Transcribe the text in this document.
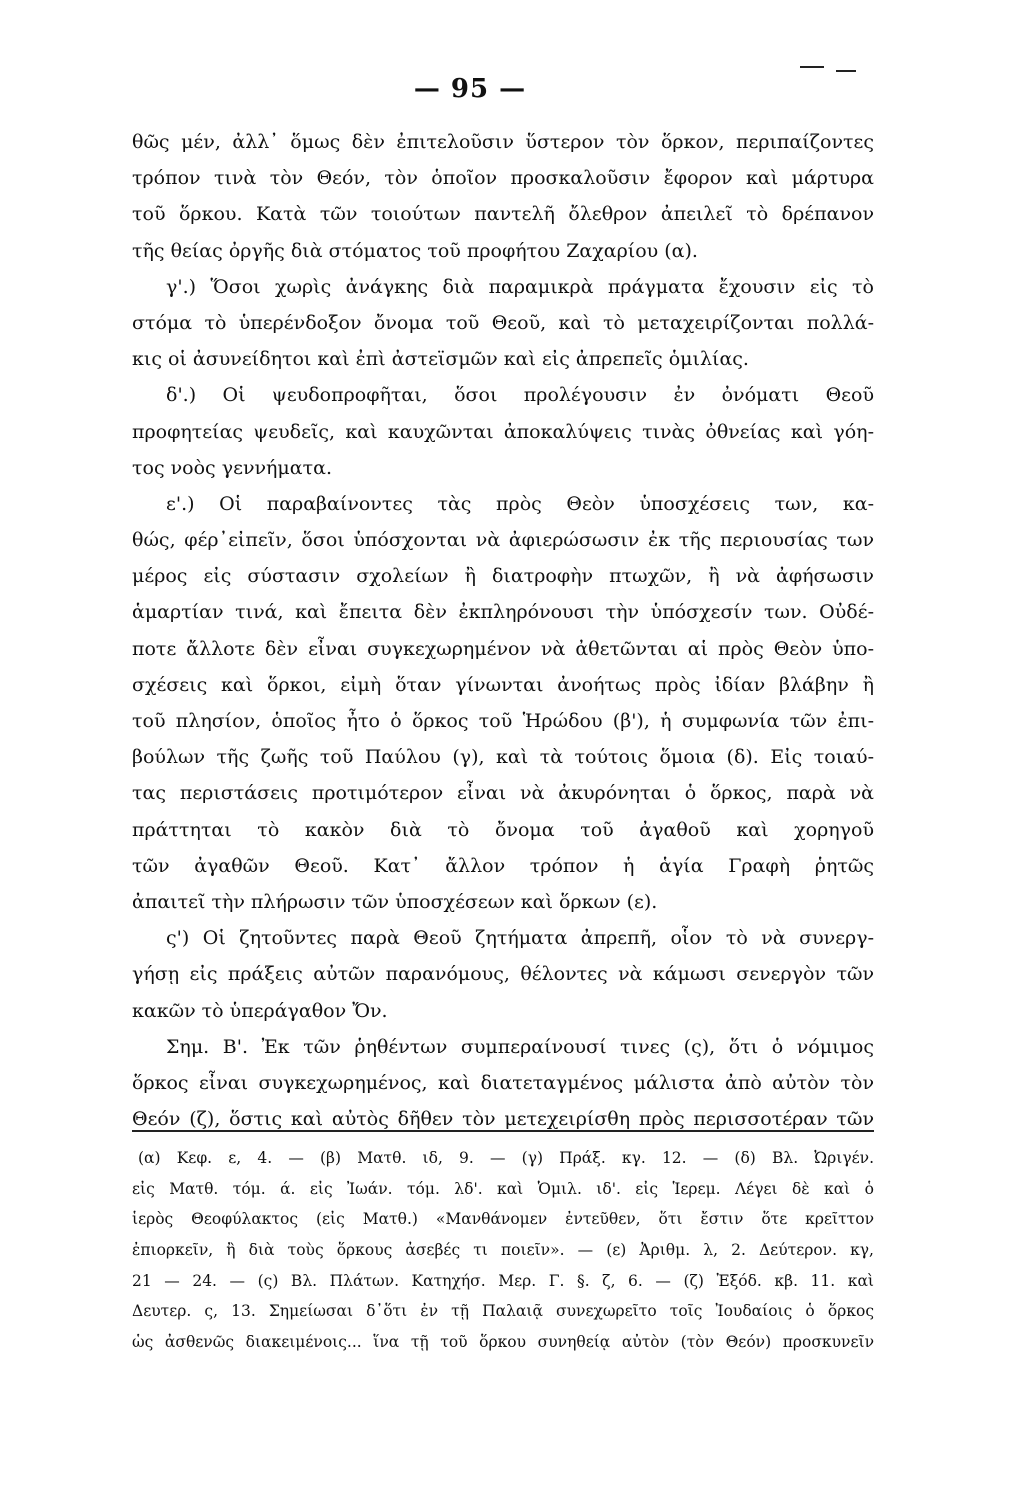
— 95 —
θῶς μέν, ἀλλ᾽ ὅμως δὲν ἐπιτελοῦσιν ὕστερον τὸν ὅρκον, περιπαίζοντες
τρόπον τινὰ τὸν Θεόν, τὸν ὁποῖον προσκαλοῦσιν ἔφορον καὶ μάρτυρα
τοῦ ὅρκου. Κατὰ τῶν τοιούτων παντελῆ ὄλεθρον ἀπειλεῖ τὸ δρέπανον
τῆς θείας ὀργῆς διὰ στόματος τοῦ προφήτου Ζαχαρίου (α).
γ'.) Ὅσοι χωρὶς ἀνάγκης διὰ παραμικρὰ πράγματα ἔχουσιν εἰς τὸ
στόμα τὸ ὑπερένδοξον ὄνομα τοῦ Θεοῦ, καὶ τὸ μεταχειρίζονται πολλά-
κις οἱ ἀσυνείδητοι καὶ ἐπὶ ἀστεϊσμῶν καὶ εἰς ἀπρεπεῖς ὁμιλίας.
δ'.) Οἱ ψευδοπροφῆται, ὅσοι προλέγουσιν ἐν ὀνόματι Θεοῦ
προφητείας ψευδεῖς, καὶ καυχῶνται ἀποκαλύψεις τινὰς ὀθνείας καὶ γόη-
τος νοὸς γεννήματα.
ε'.) Οἱ παραβαίνοντες τὰς πρὸς Θεὸν ὑποσχέσεις των, κα-
θώς, φέρ᾽εἰπεῖν, ὅσοι ὑπόσχονται νὰ ἀφιερώσωσιν ἐκ τῆς περιουσίας των
μέρος εἰς σύστασιν σχολείων ἢ διατροφὴν πτωχῶν, ἢ νὰ ἀφήσωσιν
ἁμαρτίαν τινά, καὶ ἔπειτα δὲν ἐκπληρόνουσι τὴν ὑπόσχεσίν των. Οὐδέ-
ποτε ἄλλοτε δὲν εἶναι συγκεχωρημένον νὰ ἀθετῶνται αἱ πρὸς Θεὸν ὑπο-
σχέσεις καὶ ὅρκοι, εἰμὴ ὅταν γίνωνται ἀνοήτως πρὸς ἰδίαν βλάβην ἢ
τοῦ πλησίον, ὁποῖος ἦτο ὁ ὅρκος τοῦ Ἡρώδου (β'), ἡ συμφωνία τῶν ἐπι-
βούλων τῆς ζωῆς τοῦ Παύλου (γ), καὶ τὰ τούτοις ὅμοια (δ). Εἰς τοιαύ-
τας περιστάσεις προτιμότερον εἶναι νὰ ἀκυρόνηται ὁ ὅρκος, παρὰ νὰ
πράττηται τὸ κακὸν διὰ τὸ ὄνομα τοῦ ἀγαθοῦ καὶ χορηγοῦ
τῶν ἀγαθῶν Θεοῦ. Κατ᾽ ἄλλον τρόπον ἡ ἁγία Γραφὴ ῥητῶς
ἀπαιτεῖ τὴν πλήρωσιν τῶν ὑποσχέσεων καὶ ὅρκων (ε).
ς') Οἱ ζητοῦντες παρὰ Θεοῦ ζητήματα ἀπρεπῆ, οἷον τὸ νὰ συνεργ-
γήσῃ εἰς πράξεις αὐτῶν παρανόμους, θέλοντες νὰ κάμωσι σενεργὸν τῶν
κακῶν τὸ ὑπεράγαθον Ὄν.
Σημ. Β'. Ἐκ τῶν ῥηθέντων συμπεραίνουσί τινες (ς), ὅτι ὁ νόμιμος
ὅρκος εἶναι συγκεχωρημένος, καὶ διατεταγμένος μάλιστα ἀπὸ αὐτὸν τὸν
Θεόν (ζ), ὅστις καὶ αὐτὸς δῆθεν τὸν μετεχειρίσθη πρὸς περισσοτέραν τῶν
(α) Κεφ. ε, 4. — (β) Ματθ. ιδ, 9. — (γ) Πράξ. κγ. 12. — (δ) Βλ. Ὠριγέν.
εἰς Ματθ. τόμ. ά. εἰς Ἰωάν. τόμ. λδ'. καὶ Ὁμιλ. ιδ'. εἰς Ἱερεμ. Λέγει δὲ καὶ ὁ
ἱερὸς Θεοφύλακτος (εἰς Ματθ.) «Μανθάνομεν ἐντεῦθεν, ὅτι ἔστιν ὅτε κρεῖττον
ἐπιορκεῖν, ἢ διὰ τοὺς ὅρκους ἀσεβές τι ποιεῖν». — (ε) Ἀριθμ. λ, 2. Δεύτερον. κγ,
21 — 24. — (ς) Βλ. Πλάτων. Κατηχήσ. Μερ. Γ. §. ζ, 6. — (ζ) Ἐξόδ. κβ. 11. καὶ
Δευτερ. ς, 13. Σημείωσαι δ᾽ὅτι ἐν τῇ Παλαιᾷ συνεχωρεῖτο τοῖς Ἰουδαίοις ὁ ὅρκος
ὡς ἀσθενῶς διακειμένοις... ἵνα τῇ τοῦ ὅρκου συνηθείᾳ αὐτὸν (τὸν Θεόν) προσκυνεῖν
